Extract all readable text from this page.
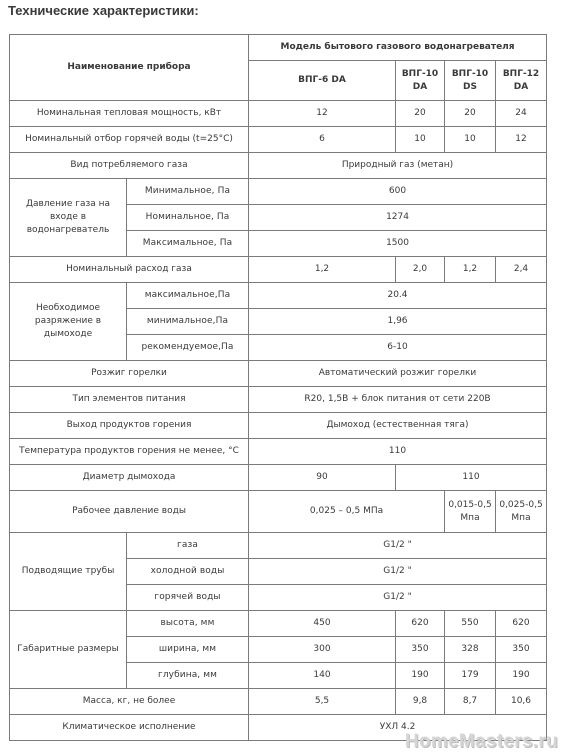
Технические характеристики:
Наименование прибора		Модель бытового газового водонагревателя			
		ВПГ-6 DA	ВПГ-10 DA	ВПГ-10 DS	ВПГ-12 DA
Номинальная тепловая мощность, кВт		12	20	20	24
Номинальный отбор горячей воды (t=25°С)		6	10	10	12
Вид потребляемого газа		Природный газ (метан)			
Давление газа на входе в водонагреватель	Минимальное, Па	600			
	Номинальное, Па	1274			
	Максимальное, Па	1500			
Номинальный расход газа		1,2	2,0	1,2	2,4
Необходимое разряжение в дымоходе	максимальное,Па	20.4			
	минимальное,Па	1,96			
	рекомендуемое,Па	6-10			
Розжиг горелки		Автоматический розжиг горелки			
Тип элементов питания		R20, 1,5В + блок питания от сети 220В			
Выход продуктов горения		Дымоход (естественная тяга)			
Температура продуктов горения не менее, °С		110			
Диаметр дымохода		90	110		
Рабочее давление воды		0,025 – 0,5 МПа		0,015-0,5 Мпа	0,025-0,5 Мпа
Подводящие трубы	газа	G1/2 "			
	холодной воды	G1/2 "			
	горячей воды	G1/2 "			
Габаритные размеры	высота, мм	450	620	550	620
	ширина, мм	300	350	328	350
	глубина, мм	140	190	179	190
Масса, кг, не более		5,5	9,8	8,7	10,6
Климатическое исполнение		УХЛ 4.2			
HomeMasters.ru
